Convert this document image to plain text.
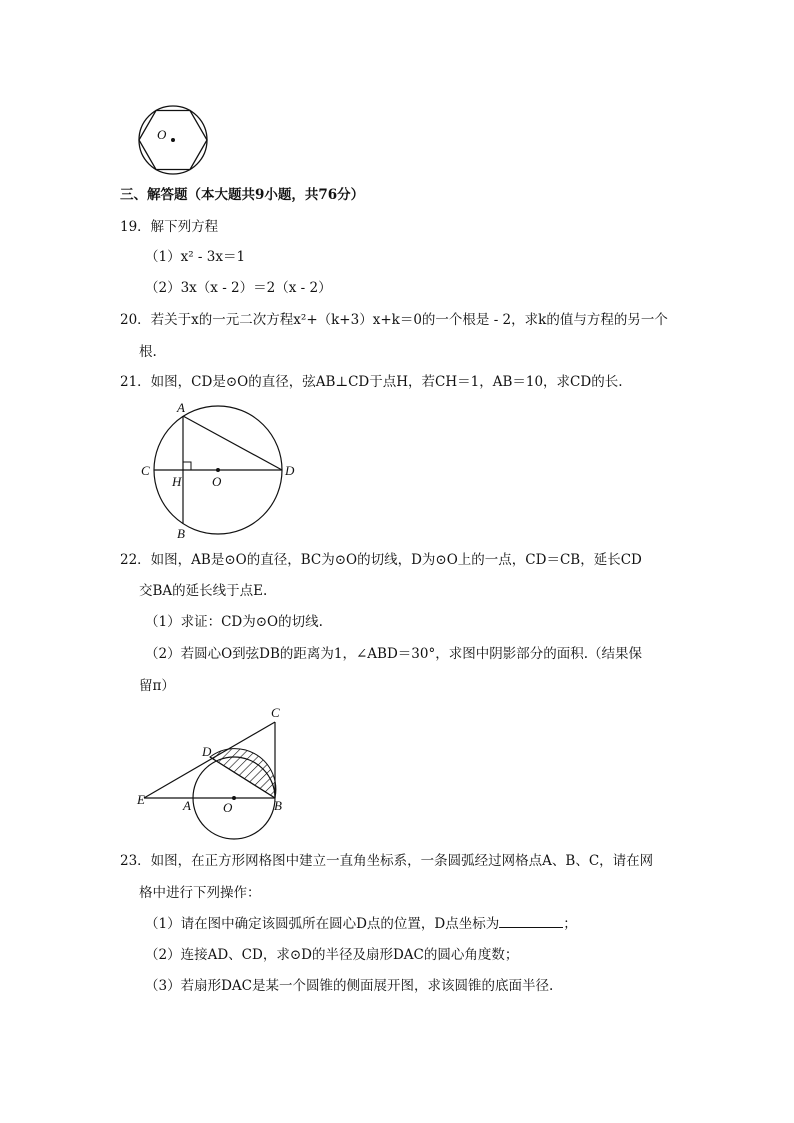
O
三、解答题（本大题共9小题，共76分）
19．解下列方程
（1）x² - 3x＝1
（2）3x（x - 2）＝2（x - 2）
20．若关于x的一元二次方程x²+（k+3）x+k＝0的一个根是 - 2，求k的值与方程的另一个
根.
21．如图，CD是⊙O的直径，弦AB⊥CD于点H，若CH＝1，AB＝10，求CD的长.
A
C	D
H O
B
22．如图，AB是⊙O的直径，BC为⊙O的切线，D为⊙O上的一点，CD＝CB，延长CD
交BA的延长线于点E.
（1）求证：CD为⊙O的切线.
（2）若圆心O到弦DB的距离为1，∠ABD＝30°，求图中阴影部分的面积.（结果保
留π）
C
D
E	A O	B
23．如图，在正方形网格图中建立一直角坐标系，一条圆弧经过网格点A、B、C，请在网
格中进行下列操作：
（1）请在图中确定该圆弧所在圆心D点的位置，D点坐标为	；
（2）连接AD、CD，求⊙D的半径及扇形DAC的圆心角度数；
（3）若扇形DAC是某一个圆锥的侧面展开图，求该圆锥的底面半径.
